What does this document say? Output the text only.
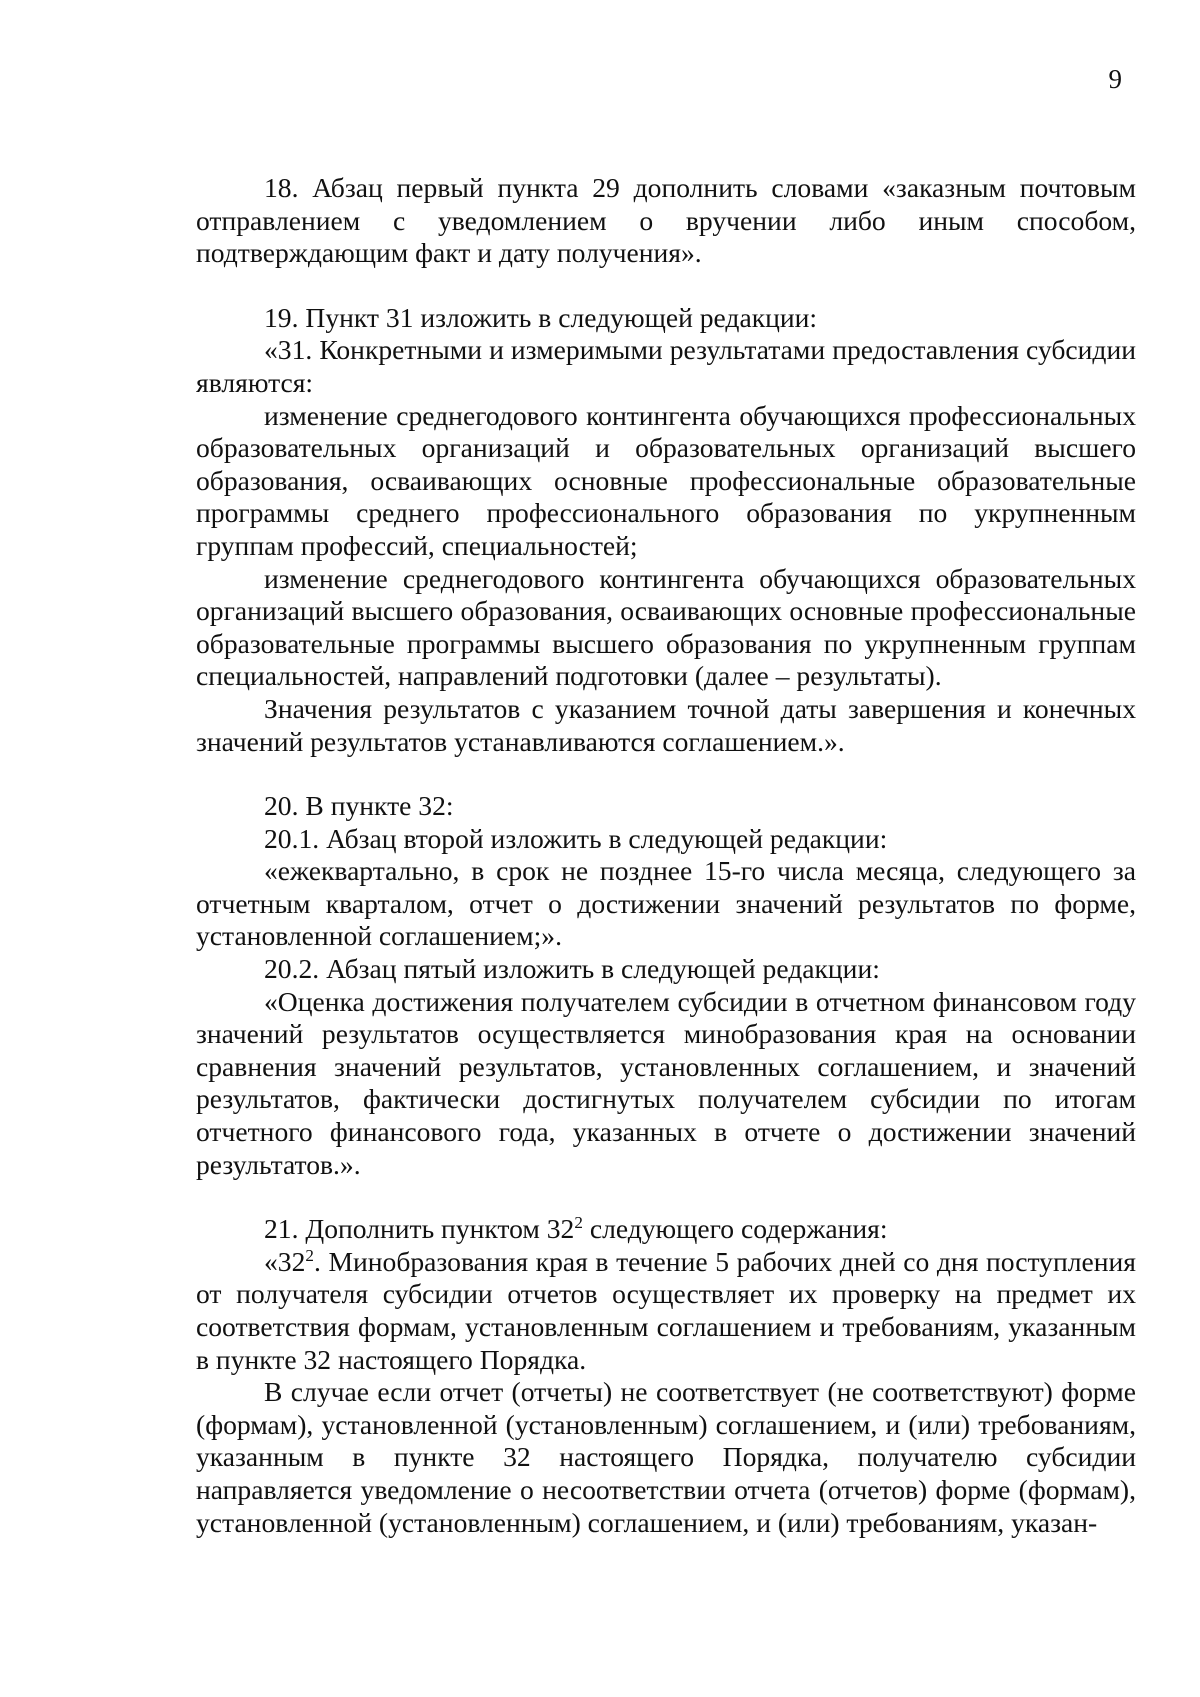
9

18. Абзац первый пункта 29 дополнить словами «заказным почтовым отправлением с уведомлением о вручении либо иным способом, подтверждающим факт и дату получения».

19. Пункт 31 изложить в следующей редакции:

«31. Конкретными и измеримыми результатами предоставления субсидии являются:

изменение среднегодового контингента обучающихся профессиональных образовательных организаций и образовательных организаций высшего образования, осваивающих основные профессиональные образовательные программы среднего профессионального образования по укрупненным группам профессий, специальностей;

изменение среднегодового контингента обучающихся образовательных организаций высшего образования, осваивающих основные профессиональные образовательные программы высшего образования по укрупненным группам специальностей, направлений подготовки (далее – результаты).

Значения результатов с указанием точной даты завершения и конечных значений результатов устанавливаются соглашением.».

20. В пункте 32:

20.1. Абзац второй изложить в следующей редакции:

«ежеквартально, в срок не позднее 15-го числа месяца, следующего за отчетным кварталом, отчет о достижении значений результатов по форме, установленной соглашением;».

20.2. Абзац пятый изложить в следующей редакции:

«Оценка достижения получателем субсидии в отчетном финансовом году значений результатов осуществляется минобразования края на основании сравнения значений результатов, установленных соглашением, и значений результатов, фактически достигнутых получателем субсидии по итогам отчетного финансового года, указанных в отчете о достижении значений результатов.».

21. Дополнить пунктом $32^2$ следующего содержания:

«$32^2$. Минобразования края в течение 5 рабочих дней со дня поступления от получателя субсидии отчетов осуществляет их проверку на предмет их соответствия формам, установленным соглашением и требованиям, указанным в пункте 32 настоящего Порядка.

В случае если отчет (отчеты) не соответствует (не соответствуют) форме (формам), установленной (установленным) соглашением, и (или) требованиям, указанным в пункте 32 настоящего Порядка, получателю субсидии направляется уведомление о несоответствии отчета (отчетов) форме (формам), установленной (установленным) соглашением, и (или) требованиям, указан-
